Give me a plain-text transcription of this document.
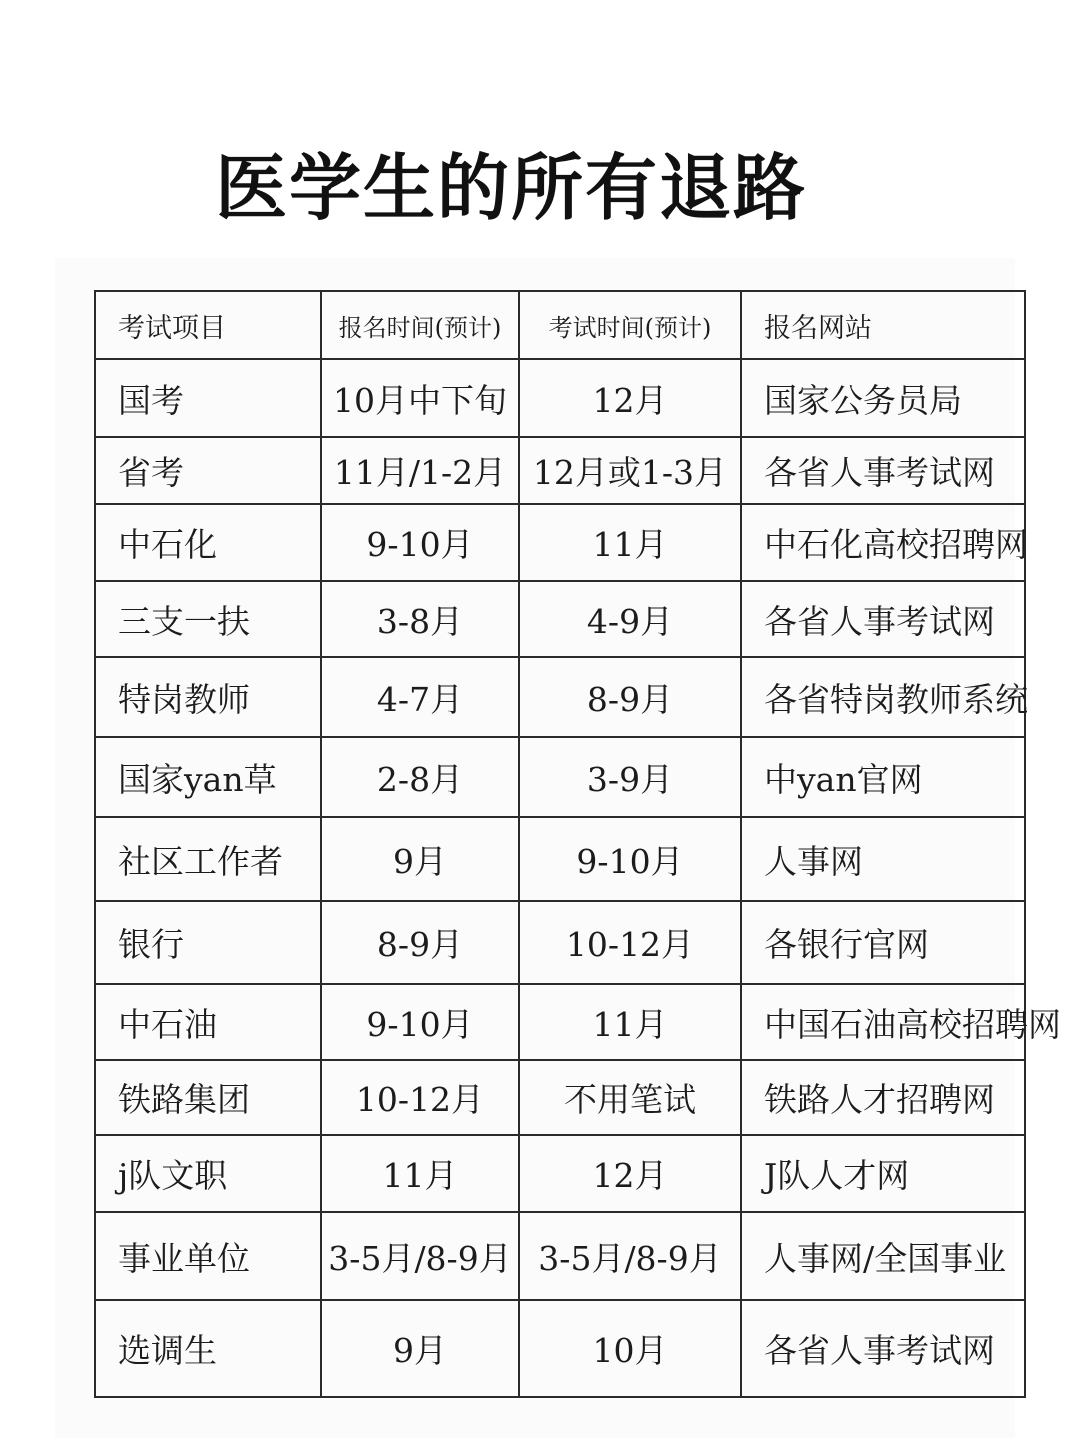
医学生的所有退路
考试项目	报名时间(预计)	考试时间(预计)	报名网站
国考	10月中下旬	12月	国家公务员局
省考	11月/1-2月	12月或1-3月	各省人事考试网
中石化	9-10月	11月	中石化高校招聘网
三支一扶	3-8月	4-9月	各省人事考试网
特岗教师	4-7月	8-9月	各省特岗教师系统
国家yan草	2-8月	3-9月	中yan官网
社区工作者	9月	9-10月	人事网
银行	8-9月	10-12月	各银行官网
中石油	9-10月	11月	中国石油高校招聘网
铁路集团	10-12月	不用笔试	铁路人才招聘网
j队文职	11月	12月	J队人才网
事业单位	3-5月/8-9月	3-5月/8-9月	人事网/全国事业
选调生	9月	10月	各省人事考试网
